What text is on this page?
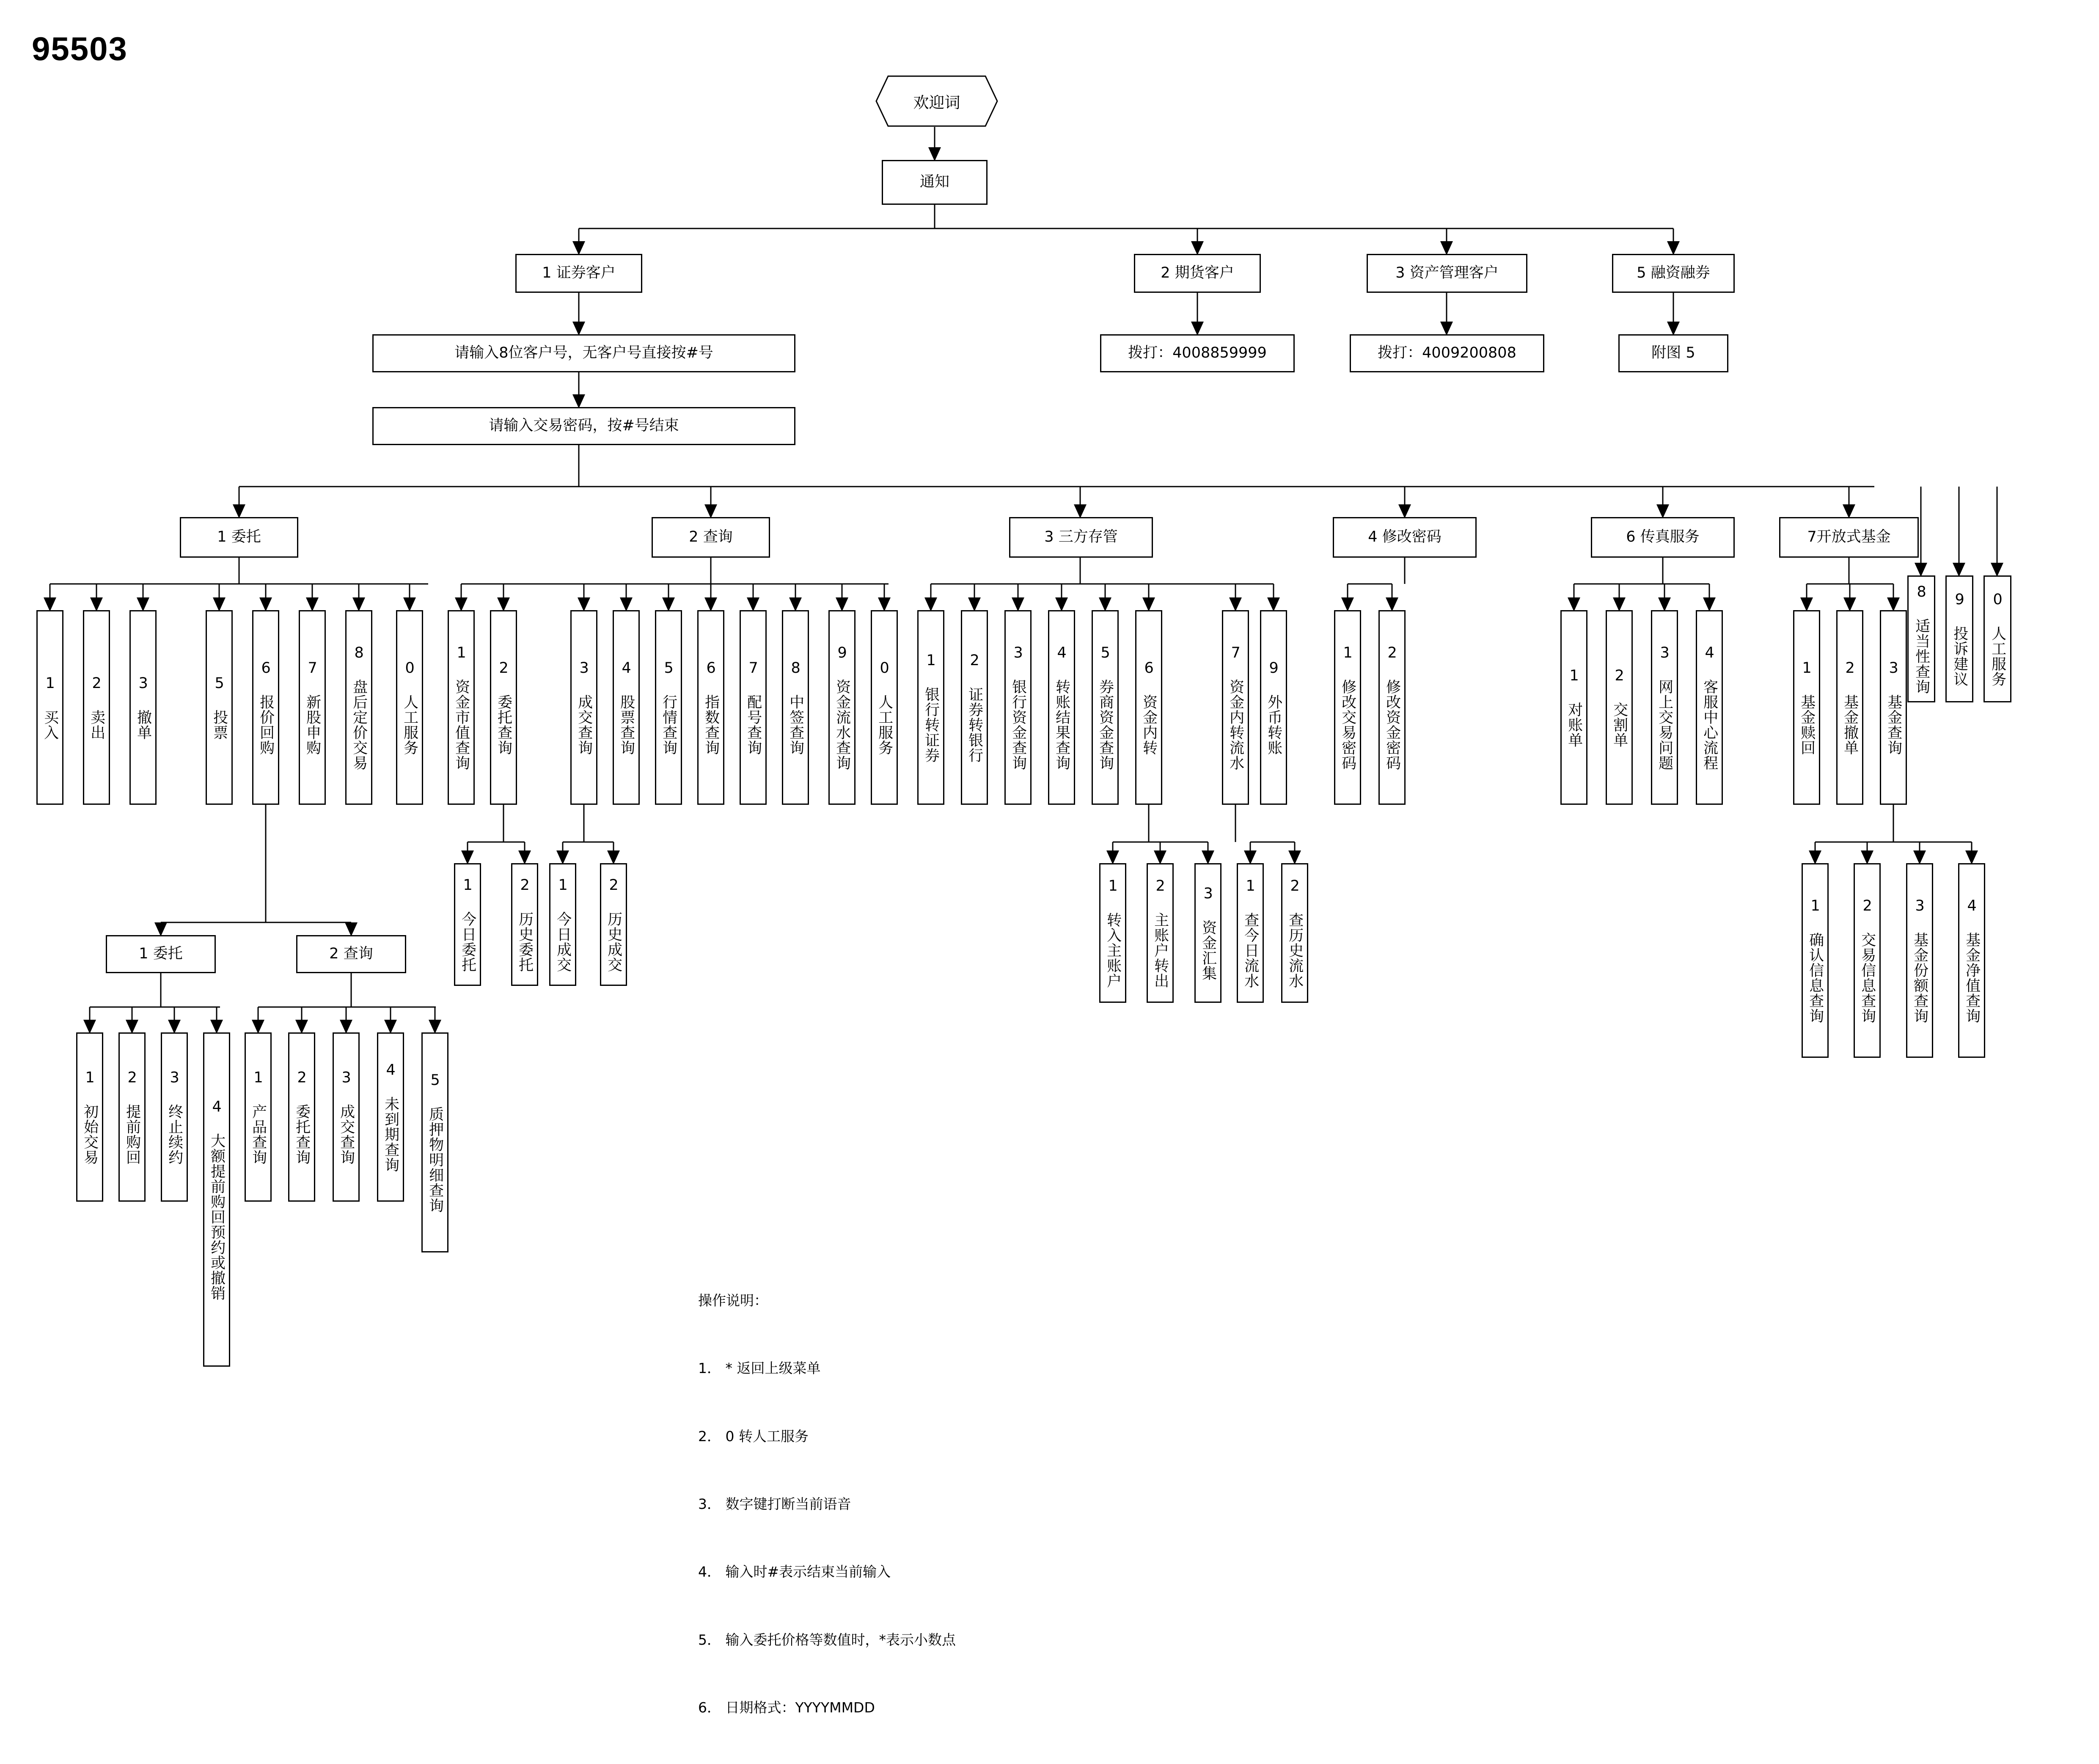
95503
欢迎词
通知
1 证券客户	2 期货客户	3 资产管理客户	5 融资融券
请输入8位客户号，无客户号直接按#号	拨打：4008859999	拨打：4009200808	附图 5
请输入交易密码，按#号结束
1 委托	2 查询	3 三方存管	4 修改密码	6 传真服务	7开放式基金
8 适当性查询	9 投诉建议	0 人工服务
1 买入	2 卖出	3 撤单	5 投票	6 报价回购	7 新股申购	8 盘后定价交易	0 人工服务
1 委托	2 查询
1 初始交易	2 提前购回	3 终止续约	4 大额提前购回预约或撤销	1 产品查询	2 委托查询	3 成交查询	4 未到期查询	5 质押物明细查询
1 资金市值查询	2 委托查询	3 成交查询	4 股票查询	5 行情查询	6 指数查询	7 配号查询	8 中签查询	9 资金流水查询	0 人工服务
1 今日委托	2 历史委托	1 今日成交	2 历史成交
1 银行转证券	2 证券转银行	3 银行资金查询	4 转账结果查询	5 券商资金查询	6 资金内转	7 资金内转流水	9 外币转账
1 转入主账户	2 主账户转出	3 资金汇集	1 查今日流水	2 查历史流水
1 修改交易密码	2 修改资金密码	1 对账单	2 交割单	3 网上交易问题	4 客服中心流程	1 基金赎回	2 基金撤单	3 基金查询
1 确认信息查询	2 交易信息查询	3 基金份额查询	4 基金净值查询

操作说明：

1． * 返回上级菜单

2． 0 转人工服务

3． 数字键打断当前语音

4． 输入时#表示结束当前输入

5． 输入委托价格等数值时，*表示小数点

6． 日期格式：YYYYMMDD
